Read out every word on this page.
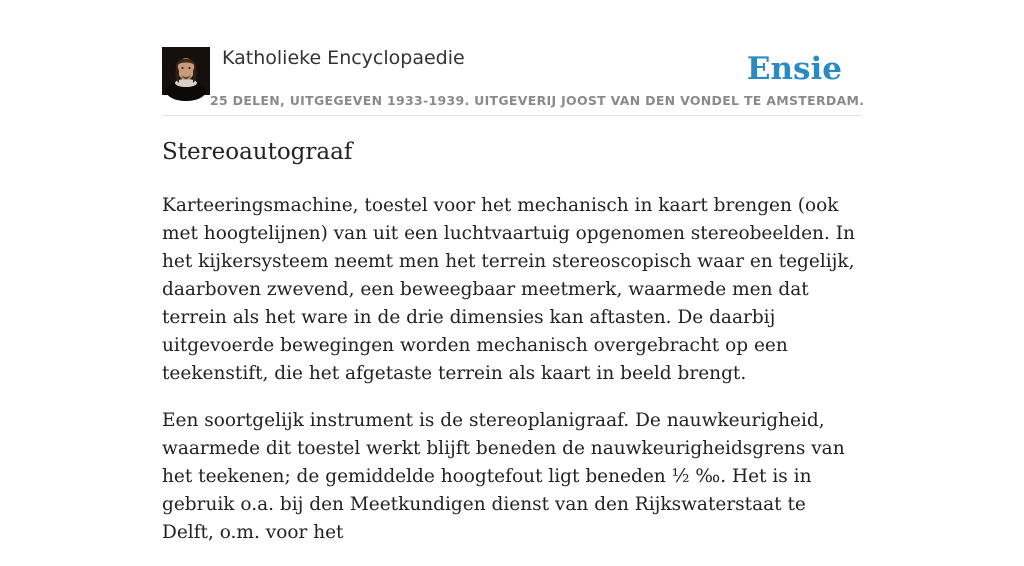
Katholieke Encyclopaedie
25 DELEN, UITGEGEVEN 1933-1939. UITGEVERIJ JOOST VAN DEN VONDEL TE AMSTERDAM.
Ensie
Stereoautograaf

Karteeringsmachine, toestel voor het mechanisch in kaart brengen (ook met hoogtelijnen) van uit een luchtvaartuig opgenomen stereobeelden. In het kijkersysteem neemt men het terrein stereoscopisch waar en tegelijk, daarboven zwevend, een beweegbaar meetmerk, waarmede men dat terrein als het ware in de drie dimensies kan aftasten. De daarbij uitgevoerde bewegingen worden mechanisch overgebracht op een teekenstift, die het afgetaste terrein als kaart in beeld brengt.

Een soortgelijk instrument is de stereoplanigraaf. De nauwkeurigheid, waarmede dit toestel werkt blijft beneden de nauwkeurigheidsgrens van het teekenen; de gemiddelde hoogtefout ligt beneden ½ ‰. Het is in gebruik o.a. bij den Meetkundigen dienst van den Rijkswaterstaat te Delft, o.m. voor het
